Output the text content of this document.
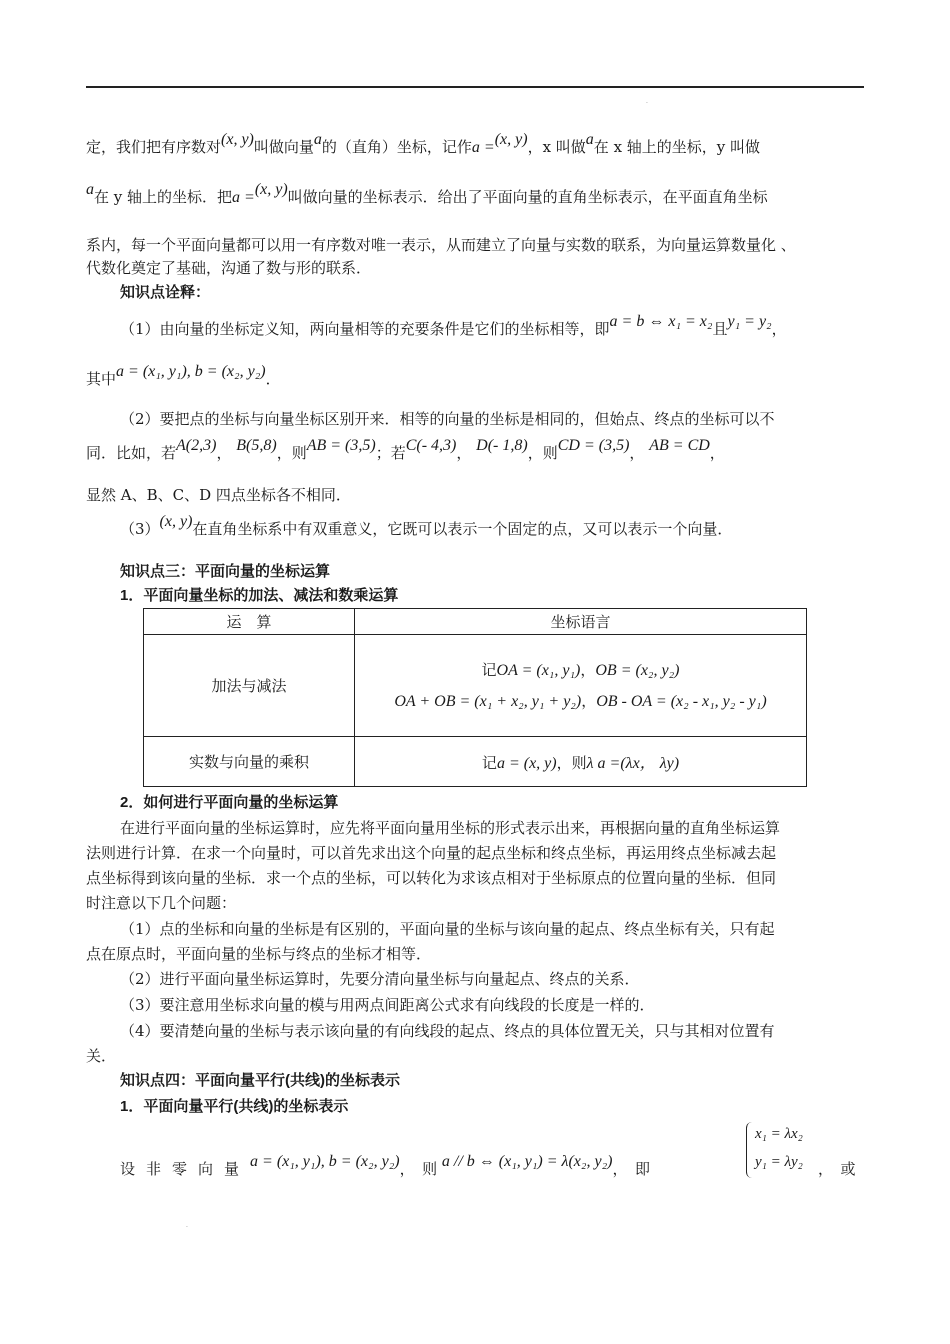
.
定，我们把有序数对(x, y)叫做向量a的（直角）坐标，记作a =(x, y)，x 叫做a在 x 轴上的坐标，y 叫做
a在 y 轴上的坐标．把a =(x, y)叫做向量的坐标表示．给出了平面向量的直角坐标表示，在平面直角坐标
系内，每一个平面向量都可以用一有序数对唯一表示，从而建立了向量与实数的联系，为向量运算数量化 、
代数化奠定了基础，沟通了数与形的联系．
知识点诠释：
（1）由向量的坐标定义知，两向量相等的充要条件是它们的坐标相等，即a = b ⇔ x₁ = x₂且y₁ = y₂，
其中a = (x₁, y₁), b = (x₂, y₂)．
（2）要把点的坐标与向量坐标区别开来．相等的向量的坐标是相同的，但始点、终点的坐标可以不
同．比如，若A(2,3)， B(5,8)，则AB = (3,5)；若C(- 4,3)， D(- 1,8)，则CD = (3,5)， AB = CD，
显然 A、B、C、D 四点坐标各不相同．
（3）(x, y)在直角坐标系中有双重意义，它既可以表示一个固定的点，又可以表示一个向量．
知识点三：平面向量的坐标运算
1．平面向量坐标的加法、减法和数乘运算
运　算	坐标语言
加法与减法	记OA = (x₁, y₁)，OB = (x₂, y₂)
OA + OB = (x₁ + x₂, y₁ + y₂)，OB - OA = (x₂ - x₁, y₂ - y₁)

实数与向量的乘积	记a = (x, y)，则λ a =(λx， λy)
2．如何进行平面向量的坐标运算
在进行平面向量的坐标运算时，应先将平面向量用坐标的形式表示出来，再根据向量的直角坐标运算
法则进行计算．在求一个向量时，可以首先求出这个向量的起点坐标和终点坐标，再运用终点坐标减去起
点坐标得到该向量的坐标．求一个点的坐标，可以转化为求该点相对于坐标原点的位置向量的坐标．但同
时注意以下几个问题：
（1）点的坐标和向量的坐标是有区别的，平面向量的坐标与该向量的起点、终点坐标有关，只有起
点在原点时，平面向量的坐标与终点的坐标才相等．
（2）进行平面向量坐标运算时，先要分清向量坐标与向量起点、终点的关系．
（3）要注意用坐标求向量的模与用两点间距离公式求有向线段的长度是一样的．
（4）要清楚向量的坐标与表示该向量的有向线段的起点、终点的具体位置无关，只与其相对位置有
关．
知识点四：平面向量平行(共线)的坐标表示
1．平面向量平行(共线)的坐标表示
设非零向量a = (x₁, y₁), b = (x₂, y₂)，　则 a // b ⇔ (x₁, y₁) = λ(x₂, y₂)，　即
x₁ = λx₂
y₁ = λy₂ ，　或
.
